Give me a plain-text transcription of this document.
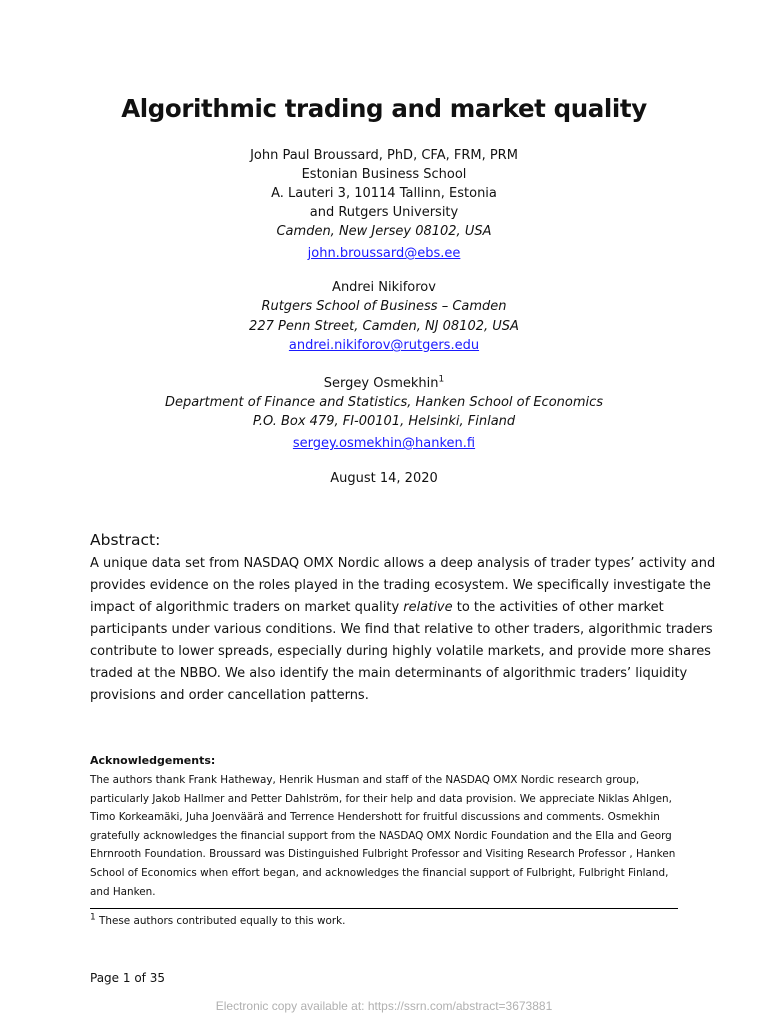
Algorithmic trading and market quality
John Paul Broussard, PhD, CFA, FRM, PRM
Estonian Business School
A. Lauteri 3, 10114 Tallinn, Estonia
and Rutgers University
Camden, New Jersey 08102, USA
john.broussard@ebs.ee
Andrei Nikiforov
Rutgers School of Business – Camden
227 Penn Street, Camden, NJ 08102, USA
andrei.nikiforov@rutgers.edu
Sergey Osmekhin$^1$
Department of Finance and Statistics, Hanken School of Economics
P.O. Box 479, FI-00101, Helsinki, Finland
sergey.osmekhin@hanken.fi
August 14, 2020
Abstract:
A unique data set from NASDAQ OMX Nordic allows a deep analysis of trader types’ activity and
provides evidence on the roles played in the trading ecosystem. We specifically investigate the
impact of algorithmic traders on market quality relative to the activities of other market
participants under various conditions. We find that relative to other traders, algorithmic traders
contribute to lower spreads, especially during highly volatile markets, and provide more shares
traded at the NBBO. We also identify the main determinants of algorithmic traders’ liquidity
provisions and order cancellation patterns.
Acknowledgements:
The authors thank Frank Hatheway, Henrik Husman and staff of the NASDAQ OMX Nordic research group,
particularly Jakob Hallmer and Petter Dahlström, for their help and data provision. We appreciate Niklas Ahlgen,
Timo Korkeamäki, Juha Joenväärä and Terrence Hendershott for fruitful discussions and comments. Osmekhin
gratefully acknowledges the financial support from the NASDAQ OMX Nordic Foundation and the Ella and Georg
Ehrnrooth Foundation. Broussard was Distinguished Fulbright Professor and Visiting Research Professor , Hanken
School of Economics when effort began, and acknowledges the financial support of Fulbright, Fulbright Finland,
and Hanken.
$^1$ These authors contributed equally to this work.
Page 1 of 35
Electronic copy available at: https://ssrn.com/abstract=3673881
